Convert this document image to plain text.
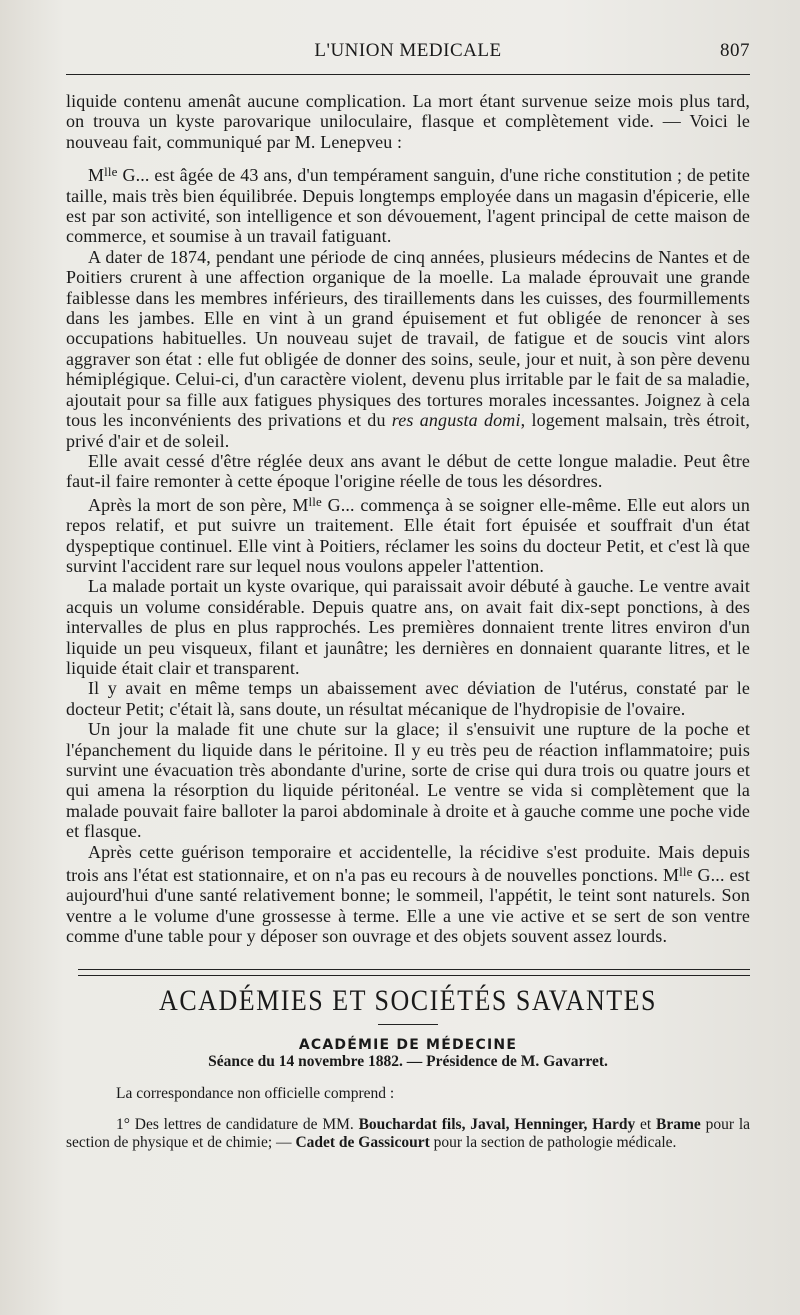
L'UNION MEDICALE	807

liquide contenu amenât aucune complication. La mort étant survenue seize mois plus tard, on trouva un kyste parovarique uniloculaire, flasque et complètement vide. — Voici le nouveau fait, communiqué par M. Lenepveu :

$M^{lle}$ G... est âgée de 43 ans, d'un tempérament sanguin, d'une riche constitution ; de petite taille, mais très bien équilibrée. Depuis longtemps employée dans un magasin d'épicerie, elle est par son activité, son intelligence et son dévouement, l'agent principal de cette maison de commerce, et soumise à un travail fatiguant.

A dater de 1874, pendant une période de cinq années, plusieurs médecins de Nantes et de Poitiers crurent à une affection organique de la moelle. La malade éprouvait une grande faiblesse dans les membres inférieurs, des tiraillements dans les cuisses, des fourmillements dans les jambes. Elle en vint à un grand épuisement et fut obligée de renoncer à ses occupations habituelles. Un nouveau sujet de travail, de fatigue et de soucis vint alors aggraver son état : elle fut obligée de donner des soins, seule, jour et nuit, à son père devenu hémiplégique. Celui-ci, d'un caractère violent, devenu plus irritable par le fait de sa maladie, ajoutait pour sa fille aux fatigues physiques des tortures morales incessantes. Joignez à cela tous les inconvénients des privations et du res angusta domi, logement malsain, très étroit, privé d'air et de soleil.

Elle avait cessé d'être réglée deux ans avant le début de cette longue maladie. Peut être faut-il faire remonter à cette époque l'origine réelle de tous les désordres.

Après la mort de son père, $M^{lle}$ G... commença à se soigner elle-même. Elle eut alors un repos relatif, et put suivre un traitement. Elle était fort épuisée et souffrait d'un état dyspeptique continuel. Elle vint à Poitiers, réclamer les soins du docteur Petit, et c'est là que survint l'accident rare sur lequel nous voulons appeler l'attention.

La malade portait un kyste ovarique, qui paraissait avoir débuté à gauche. Le ventre avait acquis un volume considérable. Depuis quatre ans, on avait fait dix-sept ponctions, à des intervalles de plus en plus rapprochés. Les premières donnaient trente litres environ d'un liquide un peu visqueux, filant et jaunâtre; les dernières en donnaient quarante litres, et le liquide était clair et transparent.

Il y avait en même temps un abaissement avec déviation de l'utérus, constaté par le docteur Petit; c'était là, sans doute, un résultat mécanique de l'hydropisie de l'ovaire.

Un jour la malade fit une chute sur la glace; il s'ensuivit une rupture de la poche et l'épanchement du liquide dans le péritoine. Il y eu très peu de réaction inflammatoire; puis survint une évacuation très abondante d'urine, sorte de crise qui dura trois ou quatre jours et qui amena la résorption du liquide péritonéal. Le ventre se vida si complètement que la malade pouvait faire balloter la paroi abdominale à droite et à gauche comme une poche vide et flasque.

Après cette guérison temporaire et accidentelle, la récidive s'est produite. Mais depuis trois ans l'état est stationnaire, et on n'a pas eu recours à de nouvelles ponctions. $M^{lle}$ G... est aujourd'hui d'une santé relativement bonne; le sommeil, l'appétit, le teint sont naturels. Son ventre a le volume d'une grossesse à terme. Elle a une vie active et se sert de son ventre comme d'une table pour y déposer son ouvrage et des objets souvent assez lourds.

ACADÉMIES ET SOCIÉTÉS SAVANTES
ACADÉMIE DE MÉDECINE

Séance du 14 novembre 1882. — Présidence de M. Gavarret.

La correspondance non officielle comprend :

1° Des lettres de candidature de MM. Bouchardat fils, Javal, Henninger, Hardy et Brame pour la section de physique et de chimie; — Cadet de Gassicourt pour la section de pathologie médicale.
